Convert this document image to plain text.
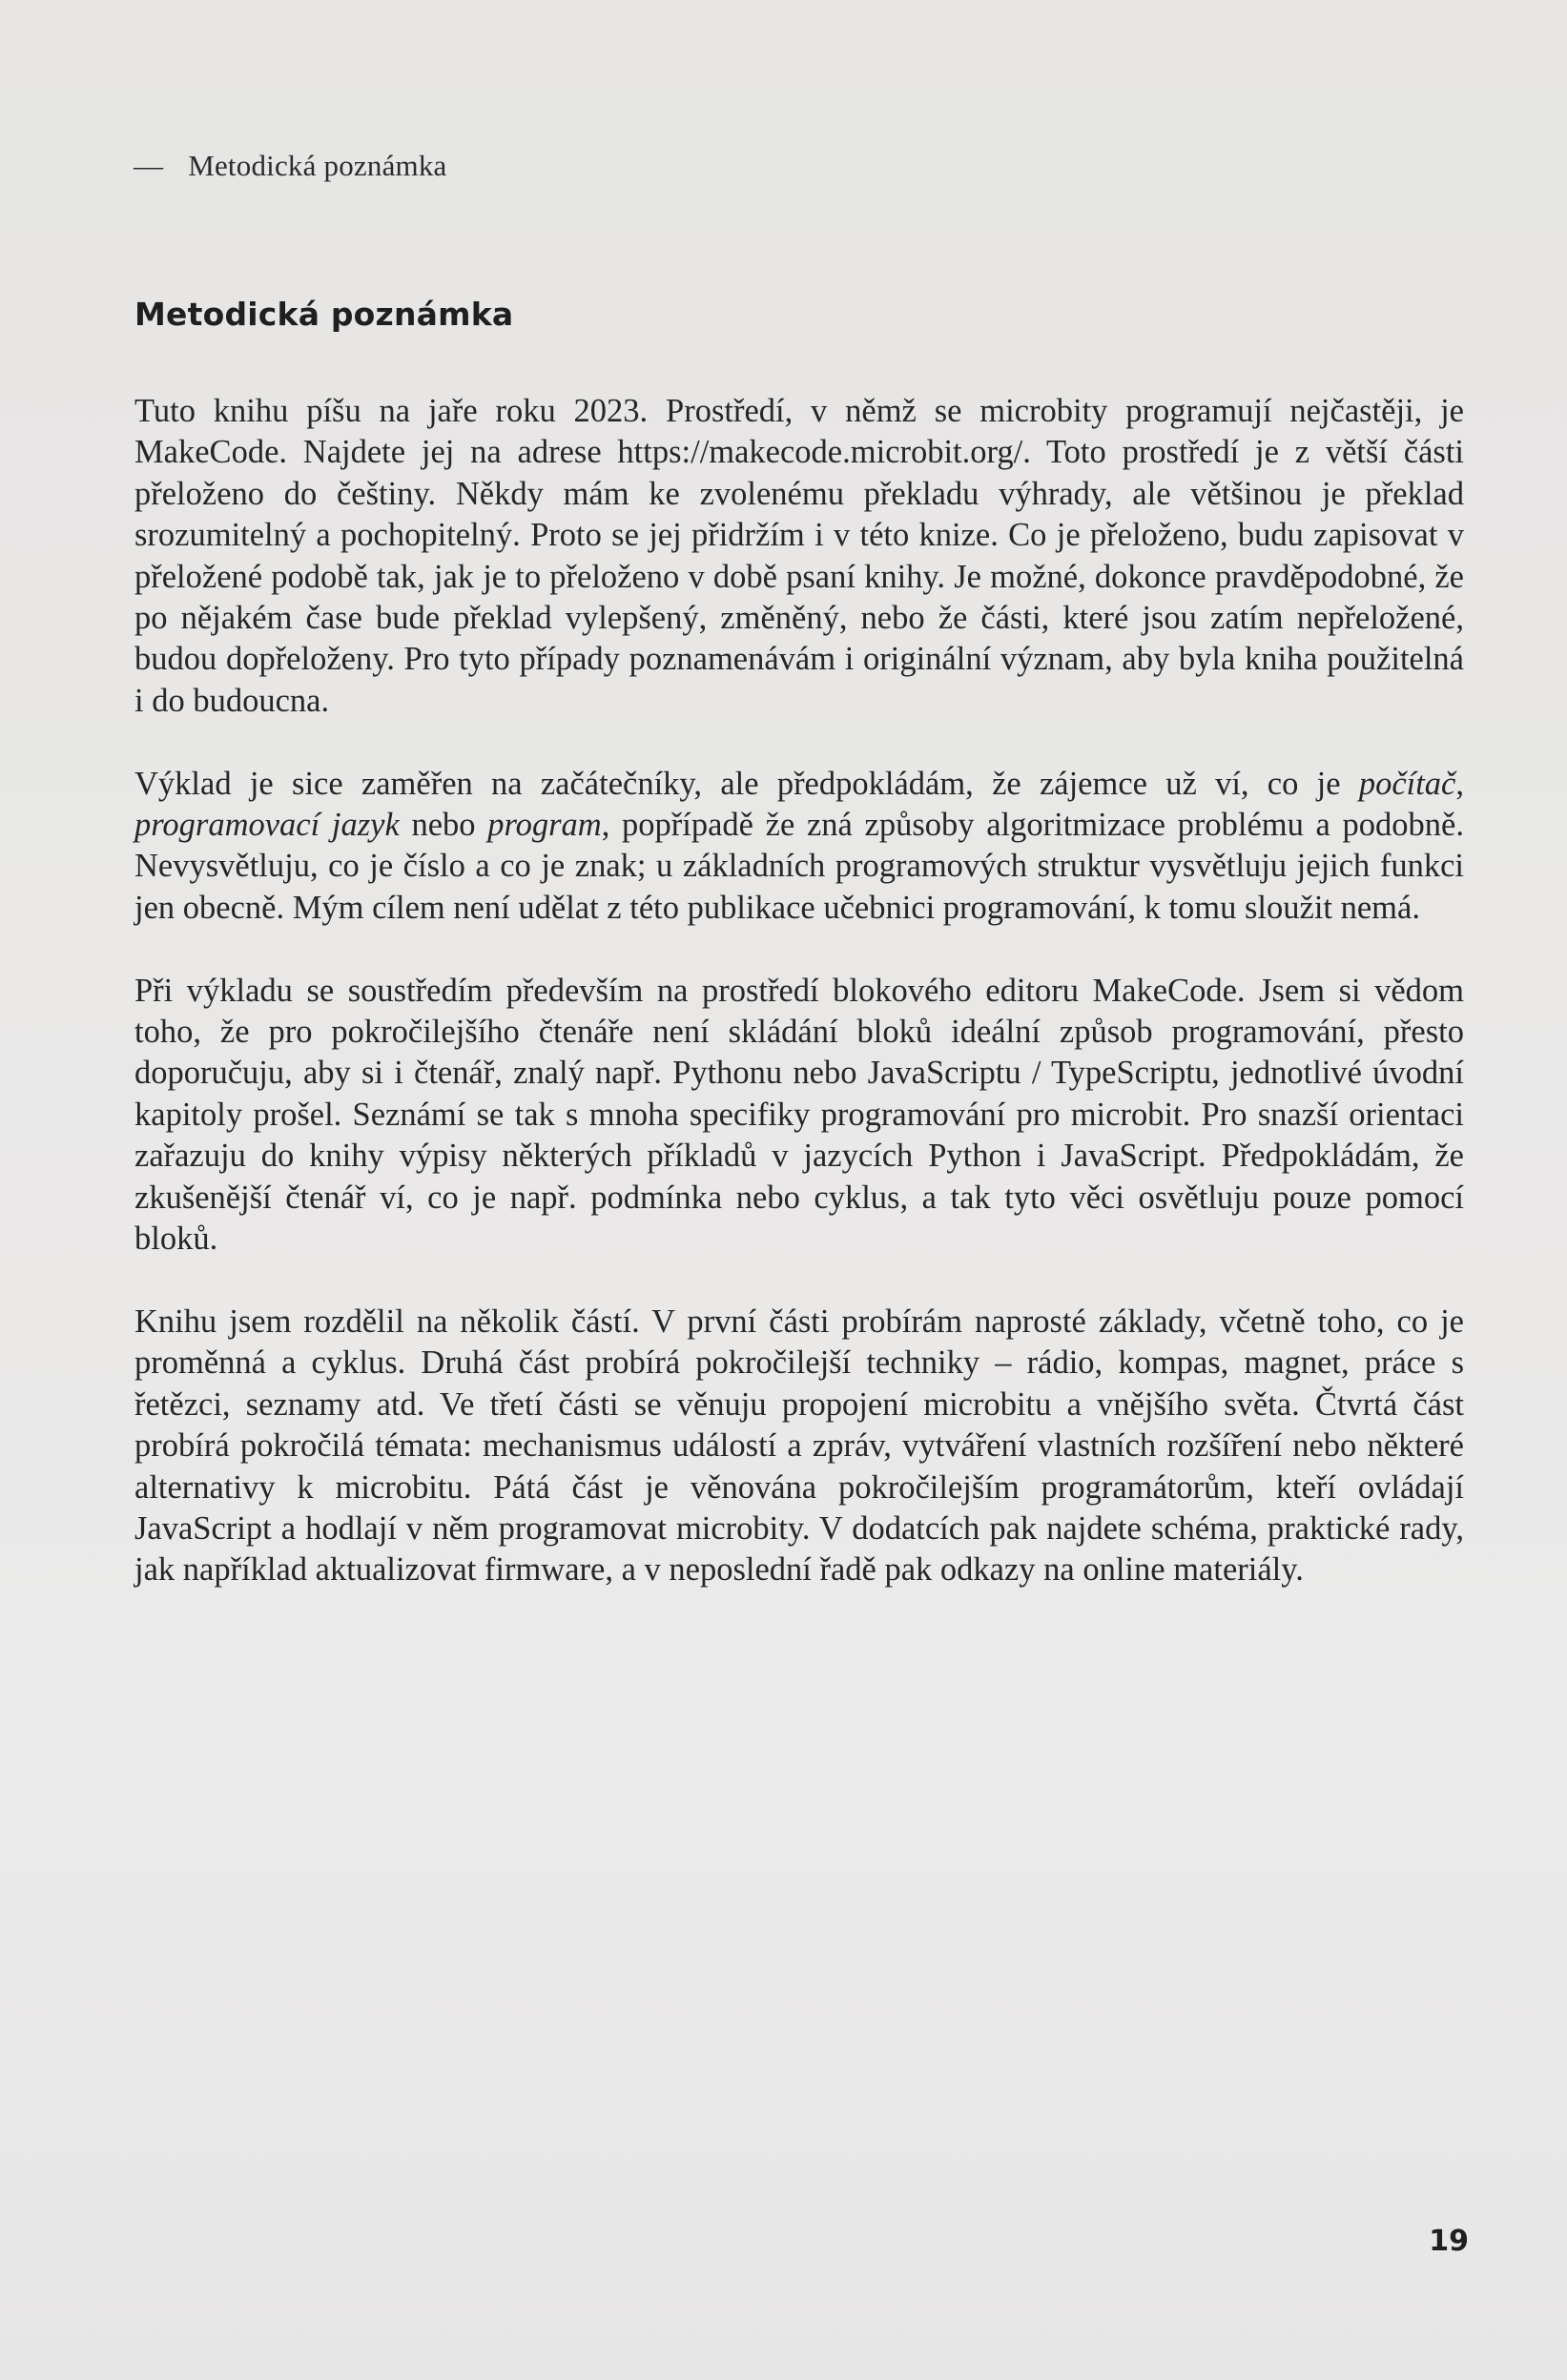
— Metodická poznámka
Metodická poznámka

Tuto knihu píšu na jaře roku 2023. Prostředí, v němž se microbity programují nejčastěji, je MakeCode. Najdete jej na adrese https://makecode.microbit.org/. Toto prostředí je z větší části přeloženo do češtiny. Někdy mám ke zvolenému překladu výhrady, ale většinou je překlad srozumitelný a pochopitelný. Proto se jej přidržím i v této knize. Co je přeloženo, budu zapisovat v přeložené podobě tak, jak je to přeloženo v době psaní knihy. Je možné, dokonce pravděpodobné, že po nějakém čase bude překlad vylepšený, změněný, nebo že části, které jsou zatím nepřeložené, budou dopřeloženy. Pro tyto případy poznamenávám i originální význam, aby byla kniha použitelná i do budoucna.

Výklad je sice zaměřen na začátečníky, ale předpokládám, že zájemce už ví, co je počítač, programovací jazyk nebo program, popřípadě že zná způsoby algoritmizace problému a podobně. Nevysvětluju, co je číslo a co je znak; u základních programových struktur vysvětluju jejich funkci jen obecně. Mým cílem není udělat z této publikace učebnici programování, k tomu sloužit nemá.

Při výkladu se soustředím především na prostředí blokového editoru MakeCode. Jsem si vědom toho, že pro pokročilejšího čtenáře není skládání bloků ideální způsob programování, přesto doporučuju, aby si i čtenář, znalý např. Pythonu nebo JavaScriptu / TypeScriptu, jednotlivé úvodní kapitoly prošel. Seznámí se tak s mnoha specifiky programování pro microbit. Pro snazší orientaci zařazuju do knihy výpisy některých příkladů v jazycích Python i JavaScript. Předpokládám, že zkušenější čtenář ví, co je např. podmínka nebo cyklus, a tak tyto věci osvětluju pouze pomocí bloků.

Knihu jsem rozdělil na několik částí. V první části probírám naprosté základy, včetně toho, co je proměnná a cyklus. Druhá část probírá pokročilejší techniky – rádio, kompas, magnet, práce s řetězci, seznamy atd. Ve třetí části se věnuju propojení microbitu a vnějšího světa. Čtvrtá část probírá pokročilá témata: mechanismus událostí a zpráv, vytváření vlastních rozšíření nebo některé alternativy k microbitu. Pátá část je věnována pokročilejším programátorům, kteří ovládají JavaScript a hodlají v něm programovat microbity. V dodatcích pak najdete schéma, praktické rady, jak například aktualizovat firmware, a v neposlední řadě pak odkazy na online materiály.

19
